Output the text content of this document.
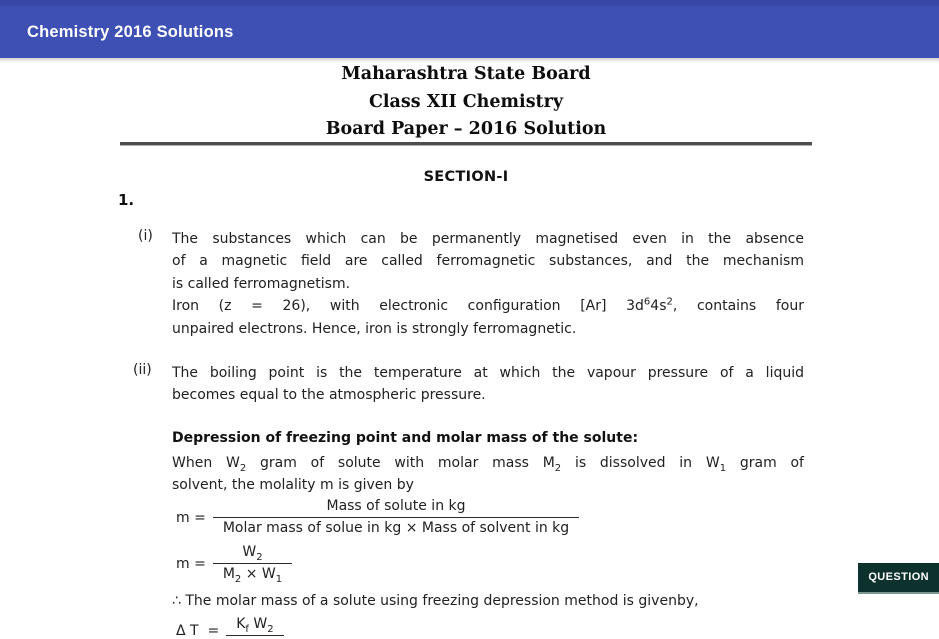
Chemistry 2016 Solutions
Maharashtra State Board
Class XII Chemistry
Board Paper – 2016 Solution
SECTION-I
1.
(i) The substances which can be permanently magnetised even in the absence
of a magnetic field are called ferromagnetic substances, and the mechanism
is called ferromagnetism.
Iron (z = 26), with electronic configuration [Ar] $3d^64s^2$, contains four
unpaired electrons. Hence, iron is strongly ferromagnetic.
(ii) The boiling point is the temperature at which the vapour pressure of a liquid
becomes equal to the atmospheric pressure.
Depression of freezing point and molar mass of the solute:
When $W_2$ gram of solute with molar mass $M_2$ is dissolved in $W_1$ gram of
solvent, the molality m is given by
$m = \frac{\text{Mass of solute in kg}}{\text{Molar mass of solue in kg × Mass of solvent in kg}}$
$m = \frac{W_2}{M_2 \times W_1}$
∴ The molar mass of a solute using freezing depression method is givenby,
Δ T  =	$K_f$ $W_2$
QUESTION
